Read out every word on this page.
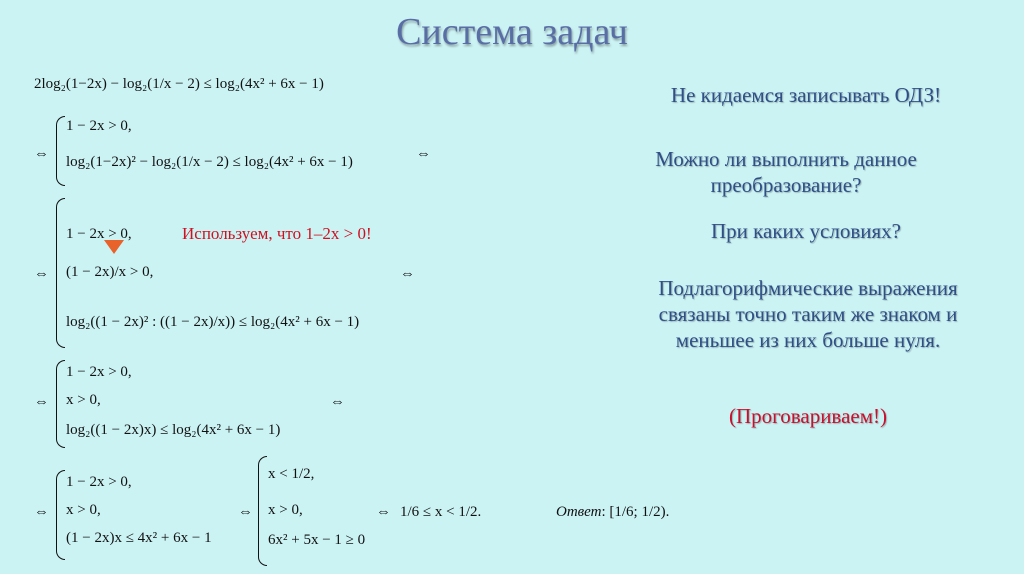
Система задач
2log₂(1−2x) − log₂(1/x − 2) ≤ log₂(4x² + 6x − 1)
⇔
1 − 2x > 0,
log₂(1−2x)² − log₂(1/x − 2) ≤ log₂(4x² + 6x − 1)	⇔
⇔
1 − 2x > 0,
(1 − 2x)/x > 0,
log₂((1 − 2x)² : ((1 − 2x)/x)) ≤ log₂(4x² + 6x − 1)
⇔
Используем, что 1–2x > 0!
⇔
1 − 2x > 0,
x > 0,
log₂((1 − 2x)x) ≤ log₂(4x² + 6x − 1)
⇔
⇔
1 − 2x > 0,
x > 0,
(1 − 2x)x ≤ 4x² + 6x − 1
⇔
x < 1/2,
x > 0,
6x² + 5x − 1 ≥ 0
⇔ 1/6 ≤ x < 1/2.	Ответ: [1/6; 1/2).
Не кидаемся записывать ОДЗ!
Можно ли выполнить данное преобразование?
При каких условиях?
Подлагорифмические выражения связаны точно таким же знаком и меньшее из них больше нуля.
(Проговариваем!)
